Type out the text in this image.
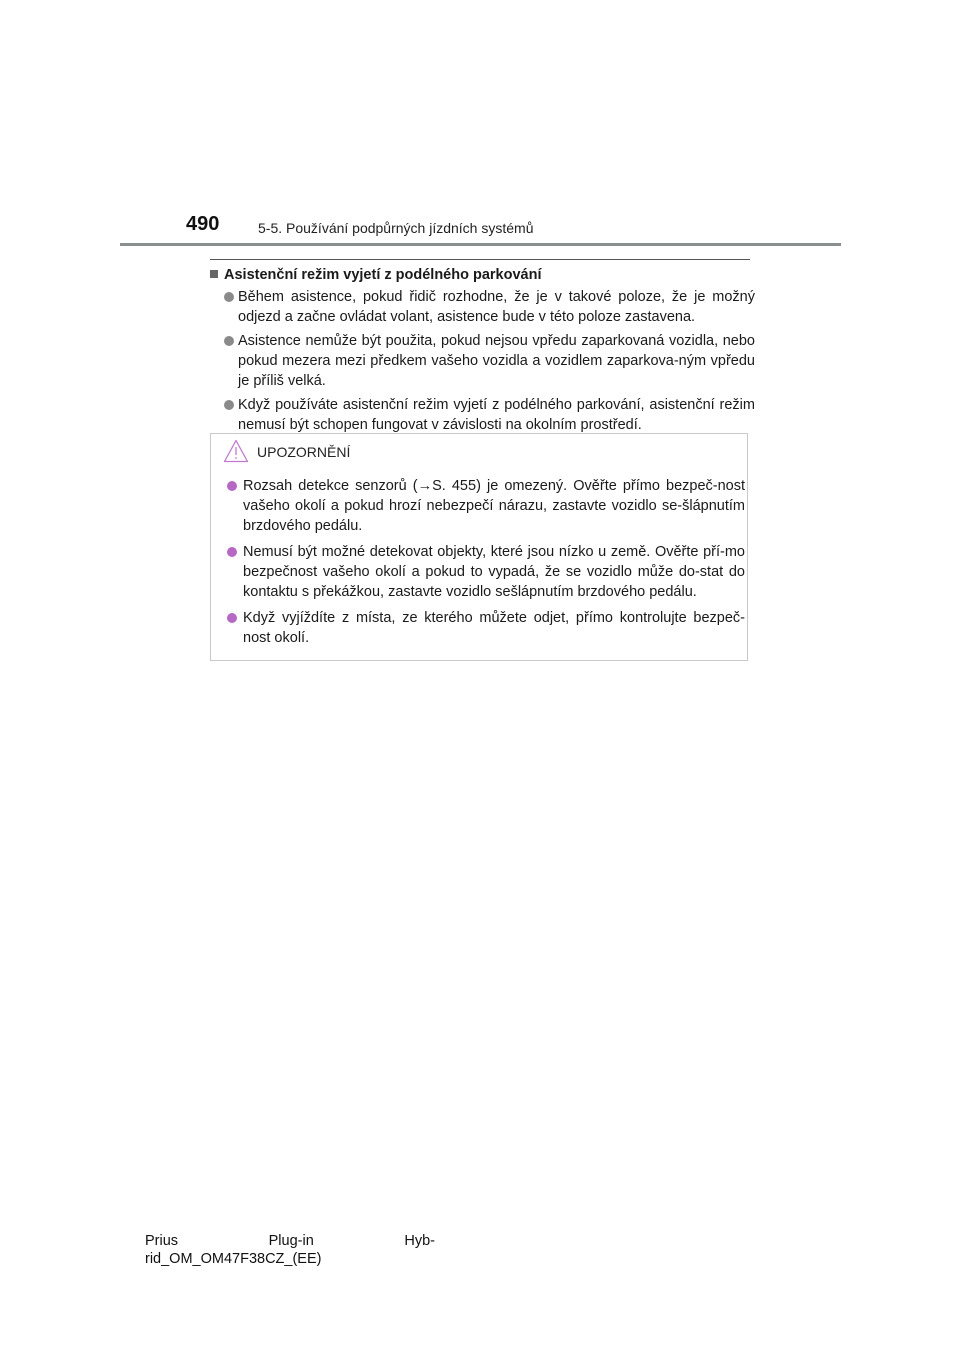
490	5-5. Používání podpůrných jízdních systémů
Asistenční režim vyjetí z podélného parkování
Během asistence, pokud řidič rozhodne, že je v takové poloze, že je možný odjezd a začne ovládat volant, asistence bude v této poloze zastavena.
Asistence nemůže být použita, pokud nejsou vpředu zaparkovaná vozidla, nebo pokud mezera mezi předkem vašeho vozidla a vozidlem zaparkova-ným vpředu je příliš velká.
Když používáte asistenční režim vyjetí z podélného parkování, asistenční režim nemusí být schopen fungovat v závislosti na okolním prostředí.
UPOZORNĚNÍ
Rozsah detekce senzorů (→S. 455) je omezený. Ověřte přímo bezpeč-nost vašeho okolí a pokud hrozí nebezpečí nárazu, zastavte vozidlo se-šlápnutím brzdového pedálu.
Nemusí být možné detekovat objekty, které jsou nízko u země. Ověřte pří-mo bezpečnost vašeho okolí a pokud to vypadá, že se vozidlo může do-stat do kontaktu s překážkou, zastavte vozidlo sešlápnutím brzdového pedálu.
Když vyjíždíte z místa, ze kterého můžete odjet, přímo kontrolujte bezpeč-nost okolí.
Prius	Plug-in	Hyb-
rid_OM_OM47F38CZ_(EE)
